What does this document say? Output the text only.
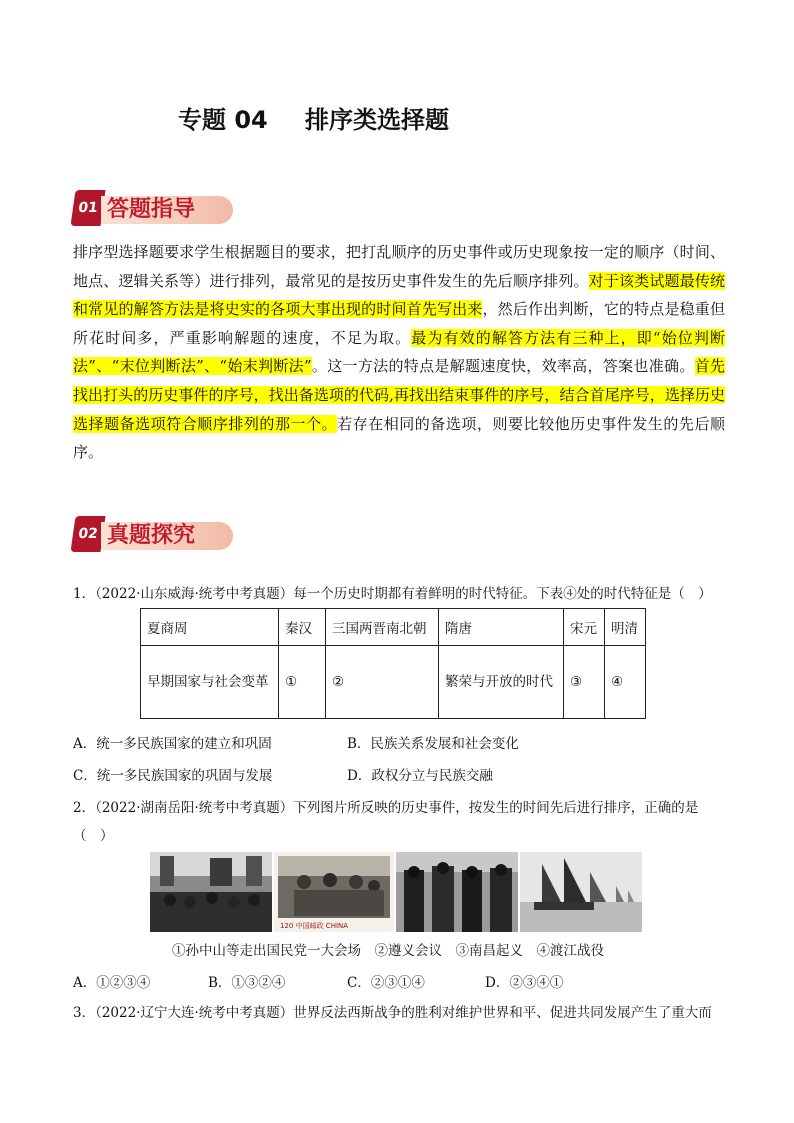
专题 04 排序类选择题
01 答题指导
排序型选择题要求学生根据题目的要求，把打乱顺序的历史事件或历史现象按一定的顺序（时间、地点、逻辑关系等）进行排列，最常见的是按历史事件发生的先后顺序排列。对于该类试题最传统和常见的解答方法是将史实的各项大事出现的时间首先写出来，然后作出判断，它的特点是稳重但所花时间多，严重影响解题的速度，不足为取。最为有效的解答方法有三种上，即“始位判断法”、“末位判断法”、“始末判断法”。这一方法的特点是解题速度快，效率高，答案也准确。首先找出打头的历史事件的序号，找出备选项的代码,再找出结束事件的序号，结合首尾序号，选择历史选择题备选项符合顺序排列的那一个。若存在相同的备选项，则要比较他历史事件发生的先后顺序。
02 真题探究
1．（2022·山东威海·统考中考真题）每一个历史时期都有着鲜明的时代特征。下表④处的时代特征是（　）
夏商周	秦汉	三国两晋南北朝	隋唐	宋元	明清
早期国家与社会变革	①	②	繁荣与开放的时代	③	④
A．统一多民族国家的建立和巩固	B．民族关系发展和社会变化
C．统一多民族国家的巩固与发展	D．政权分立与民族交融
2．（2022·湖南岳阳·统考中考真题）下列图片所反映的历史事件，按发生的时间先后进行排序，正确的是（　）
120 中国邮政 CHINA
①孙中山等走出国民党一大会场　②遵义会议　③南昌起义　④渡江战役
A．①②③④	B．①③②④	C．②③①④	D．②③④①
3．（2022·辽宁大连·统考中考真题）世界反法西斯战争的胜利对维护世界和平、促进共同发展产生了重大而
